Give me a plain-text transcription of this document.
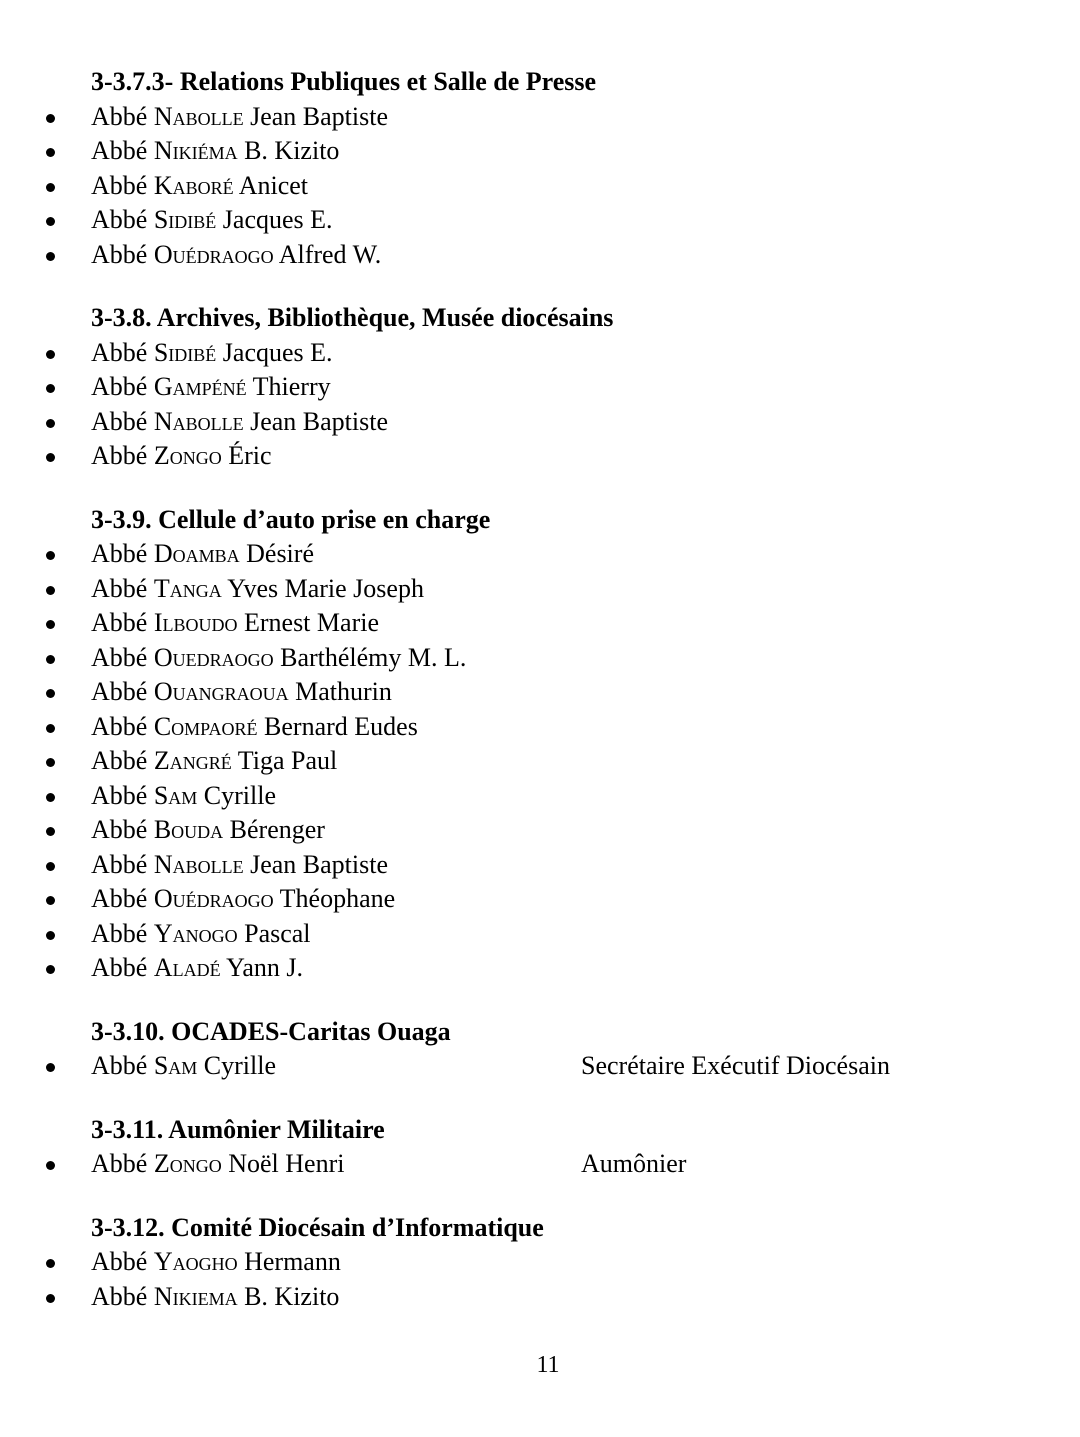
3-3.7.3- Relations Publiques et Salle de Presse
Abbé Nabolle Jean Baptiste
Abbé Nikiéma B. Kizito
Abbé Kaboré Anicet
Abbé Sidibé Jacques E.
Abbé Ouédraogo Alfred W.
3-3.8. Archives, Bibliothèque, Musée diocésains
Abbé Sidibé Jacques E.
Abbé Gampéné Thierry
Abbé Nabolle Jean Baptiste
Abbé Zongo Éric
3-3.9. Cellule d’auto prise en charge
Abbé Doamba Désiré
Abbé Tanga Yves Marie Joseph
Abbé Ilboudo Ernest Marie
Abbé Ouedraogo Barthélémy M. L.
Abbé Ouangraoua Mathurin
Abbé Compaoré Bernard Eudes
Abbé Zangré Tiga Paul
Abbé Sam Cyrille
Abbé Bouda Bérenger
Abbé Nabolle Jean Baptiste
Abbé Ouédraogo Théophane
Abbé Yanogo Pascal
Abbé Aladé Yann J.
3-3.10. OCADES-Caritas Ouaga
Abbé Sam Cyrille	Secrétaire Exécutif Diocésain
3-3.11. Aumônier Militaire
Abbé Zongo Noël Henri	Aumônier
3-3.12. Comité Diocésain d’Informatique
Abbé Yaogho Hermann
Abbé Nikiema B. Kizito
11
